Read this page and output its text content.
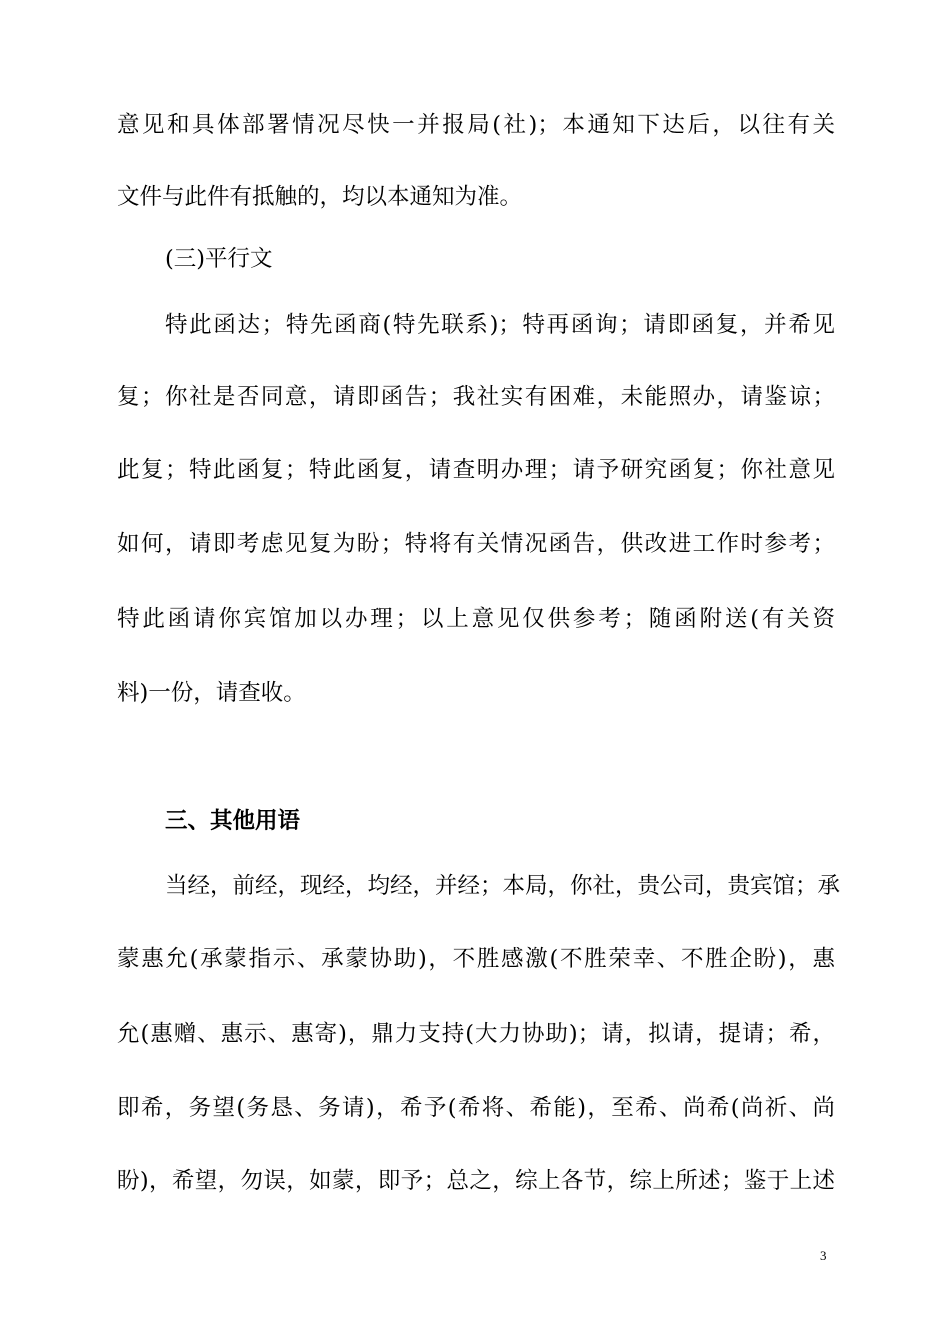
意见和具体部署情况尽快一并报局(社)；本通知下达后，以往有关
文件与此件有抵触的，均以本通知为准。
(三)平行文
特此函达；特先函商(特先联系)；特再函询；请即函复，并希见
复；你社是否同意，请即函告；我社实有困难，未能照办，请鉴谅；
此复；特此函复；特此函复，请查明办理；请予研究函复；你社意见
如何，请即考虑见复为盼；特将有关情况函告，供改进工作时参考；
特此函请你宾馆加以办理；以上意见仅供参考；随函附送(有关资
料)一份，请查收。
三、其他用语
当经，前经，现经，均经，并经；本局，你社，贵公司，贵宾馆；承
蒙惠允(承蒙指示、承蒙协助)，不胜感激(不胜荣幸、不胜企盼)，惠
允(惠赠、惠示、惠寄)，鼎力支持(大力协助)；请，拟请，提请；希，
即希，务望(务恳、务请)，希予(希将、希能)，至希、尚希(尚祈、尚
盼)，希望，勿误，如蒙，即予；总之，综上各节，综上所述；鉴于上述
3
